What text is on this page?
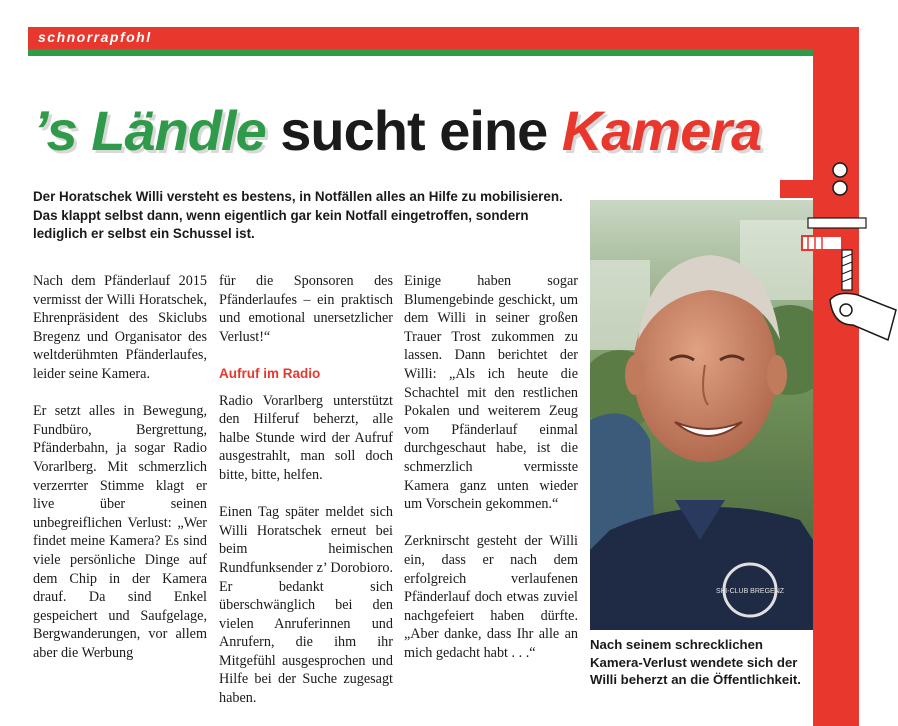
schnorrapfohl
’s Ländle sucht eine Kamera
Der Horatschek Willi versteht es bestens, in Notfällen alles an Hilfe zu mobilisieren. Das klappt selbst dann, wenn eigentlich gar kein Notfall eingetroffen, sondern lediglich er selbst ein Schussel ist.

Nach dem Pfänderlauf 2015 vermisst der Willi Horatschek, Ehrenpräsident des Skiclubs Bregenz und Organisator des weltderühmten Pfänderlaufes, leider seine Kamera.

Er setzt alles in Bewegung, Fundbüro, Bergrettung, Pfänderbahn, ja sogar Radio Vorarlberg. Mit schmerzlich verzerrter Stimme klagt er live über seinen unbegreiflichen Verlust: „Wer findet meine Kamera? Es sind viele persönliche Dinge auf dem Chip in der Kamera drauf. Da sind Enkel gespeichert und Saufgelage, Bergwanderungen, vor allem aber die Werbung

für die Sponsoren des Pfänderlaufes – ein praktisch und emotional unersetzlicher Verlust!“

Aufruf im Radio

Radio Vorarlberg unterstützt den Hilferuf beherzt, alle halbe Stunde wird der Aufruf ausgestrahlt, man soll doch bitte, bitte, helfen.

Einen Tag später meldet sich Willi Horatschek erneut bei beim heimischen Rundfunksender z’ Dorobioro. Er bedankt sich überschwänglich bei den vielen Anruferinnen und Anrufern, die ihm ihr Mitgefühl ausgesprochen und Hilfe bei der Suche zugesagt haben.

Einige haben sogar Blumengebinde geschickt, um dem Willi in seiner großen Trauer Trost zukommen zu lassen. Dann berichtet der Willi: „Als ich heute die Schachtel mit den restlichen Pokalen und weiterem Zeug vom Pfänderlauf einmal durchgeschaut habe, ist die schmerzlich vermisste Kamera ganz unten wieder um Vorschein gekommen.“

Zerknirscht gesteht der Willi ein, dass er nach dem erfolgreich verlaufenen Pfänderlauf doch etwas zuviel nachgefeiert haben dürfte. „Aber danke, dass Ihr alle an mich gedacht habt . . .“

SKI-CLUB BREGENZ
Nach seinem schrecklichen Kamera-Verlust wendete sich der Willi beherzt an die Öffentlichkeit.
